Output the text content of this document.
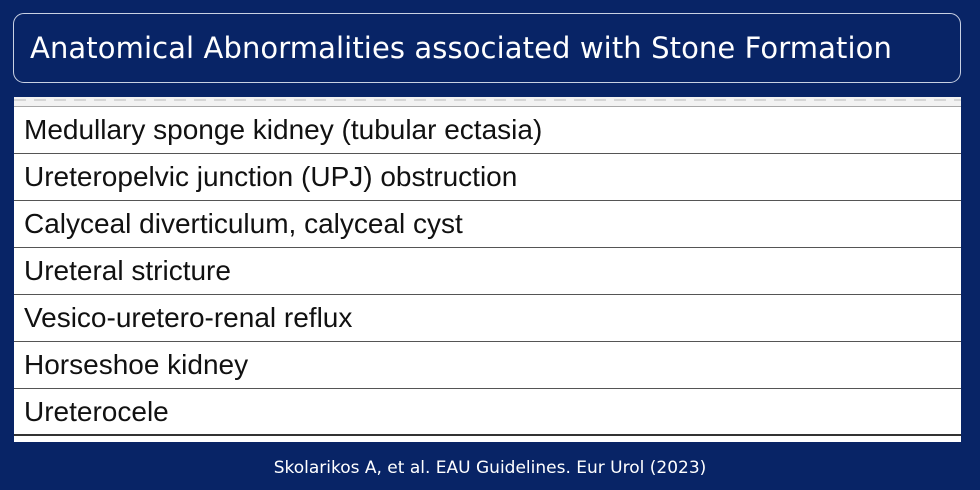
Anatomical Abnormalities associated with Stone Formation
Medullary sponge kidney (tubular ectasia)
Ureteropelvic junction (UPJ) obstruction
Calyceal diverticulum, calyceal cyst
Ureteral stricture
Vesico-uretero-renal reflux
Horseshoe kidney
Ureterocele
Skolarikos A, et al. EAU Guidelines. Eur Urol (2023)
